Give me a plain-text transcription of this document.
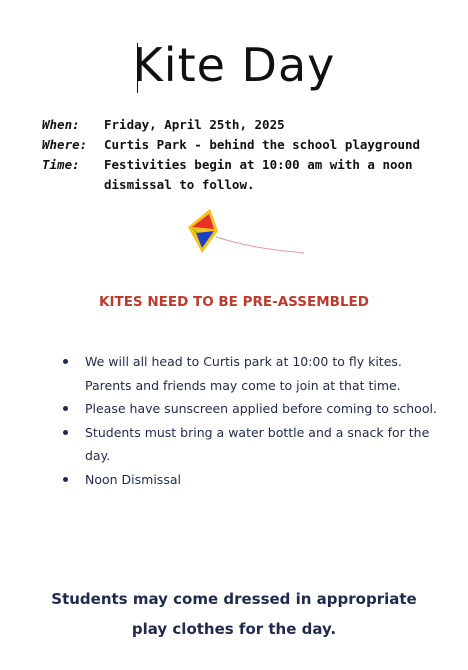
Kite Day
When:	Friday, April 25th, 2025
Where:	Curtis Park - behind the school playground
Time:	Festivities begin at 10:00 am with a noon
dismissal to follow.
KITES NEED TO BE PRE-ASSEMBLED
We will all head to Curtis park at 10:00 to fly kites. Parents and friends may come to join at that time.
Please have sunscreen applied before coming to school.
Students must bring a water bottle and a snack for the day.
Noon Dismissal
Students may come dressed in appropriate
play clothes for the day.
